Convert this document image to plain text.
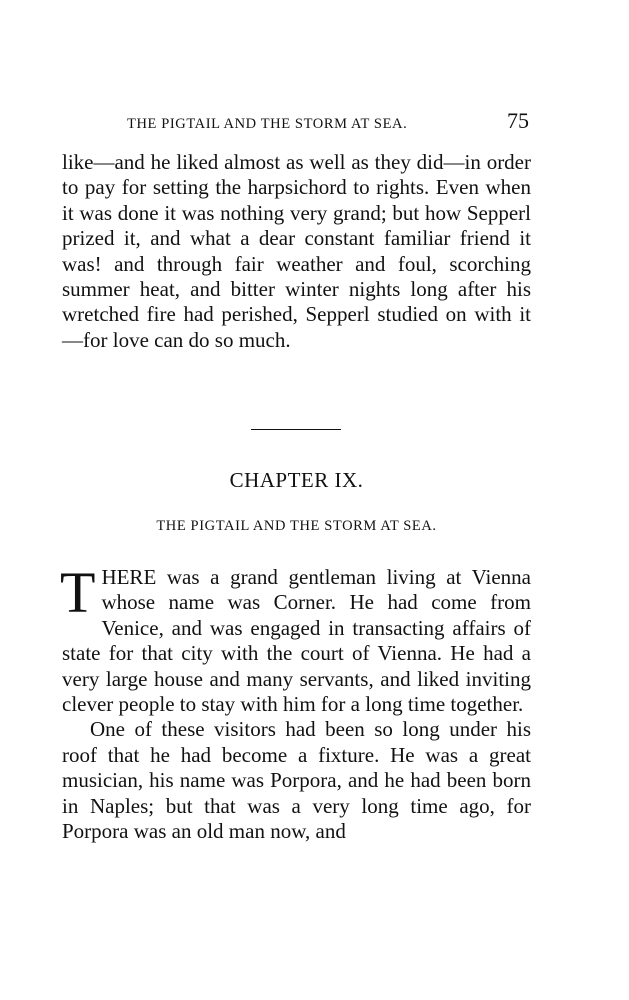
THE PIGTAIL AND THE STORM AT SEA.	75

like—and he liked almost as well as they did—in order to pay for setting the harpsichord to rights. Even when it was done it was nothing very grand; but how Sepperl prized it, and what a dear constant familiar friend it was! and through fair weather and foul, scorching summer heat, and bitter winter nights long after his wretched fire had perished, Sepperl studied on with it—for love can do so much.

CHAPTER IX.
THE PIGTAIL AND THE STORM AT SEA.

THERE was a grand gentleman living at Vienna whose name was Corner. He had come from Venice, and was engaged in transacting affairs of state for that city with the court of Vienna. He had a very large house and many servants, and liked inviting clever people to stay with him for a long time together.

One of these visitors had been so long under his roof that he had become a fixture. He was a great musician, his name was Porpora, and he had been born in Naples; but that was a very long time ago, for Porpora was an old man now, and
